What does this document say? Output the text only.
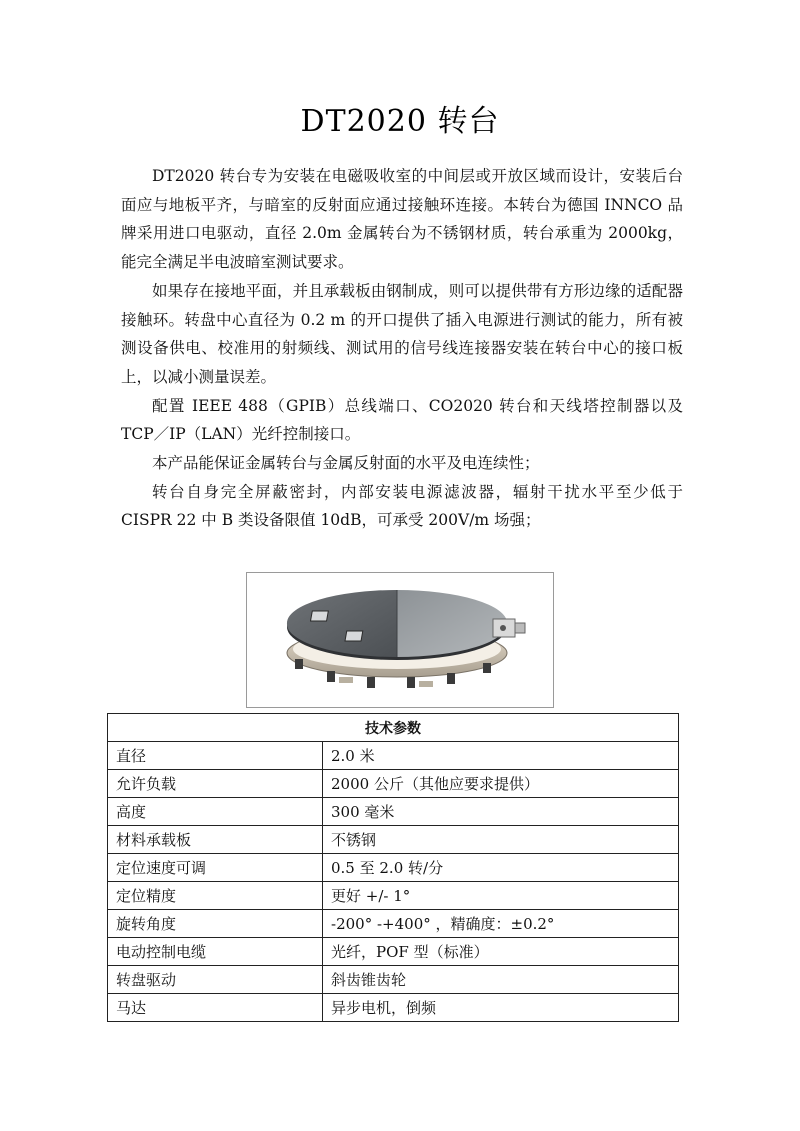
DT2020 转台

DT2020 转台专为安装在电磁吸收室的中间层或开放区域而设计，安装后台面应与地板平齐，与暗室的反射面应通过接触环连接。本转台为德国 INNCO 品牌采用进口电驱动，直径 2.0m 金属转台为不锈钢材质，转台承重为 2000kg，能完全满足半电波暗室测试要求。

如果存在接地平面，并且承载板由钢制成，则可以提供带有方形边缘的适配器接触环。转盘中心直径为 0.2 m 的开口提供了插入电源进行测试的能力，所有被测设备供电、校准用的射频线、测试用的信号线连接器安装在转台中心的接口板上，以减小测量误差。

配置 IEEE 488（GPIB）总线端口、CO2020 转台和天线塔控制器以及 TCP／IP（LAN）光纤控制接口。

本产品能保证金属转台与金属反射面的水平及电连续性；

转台自身完全屏蔽密封，内部安装电源滤波器，辐射干扰水平至少低于 CISPR 22 中 B 类设备限值 10dB，可承受 200V/m 场强；

技术参数	
直径	2.0 米
允许负载	2000 公斤（其他应要求提供）
高度	300 毫米
材料承载板	不锈钢
定位速度可调	0.5 至 2.0 转/分
定位精度	更好 +/- 1°
旋转角度	-200° -+400° ，精确度：±0.2°
电动控制电缆	光纤，POF 型（标准）
转盘驱动	斜齿锥齿轮
马达	异步电机，倒频
